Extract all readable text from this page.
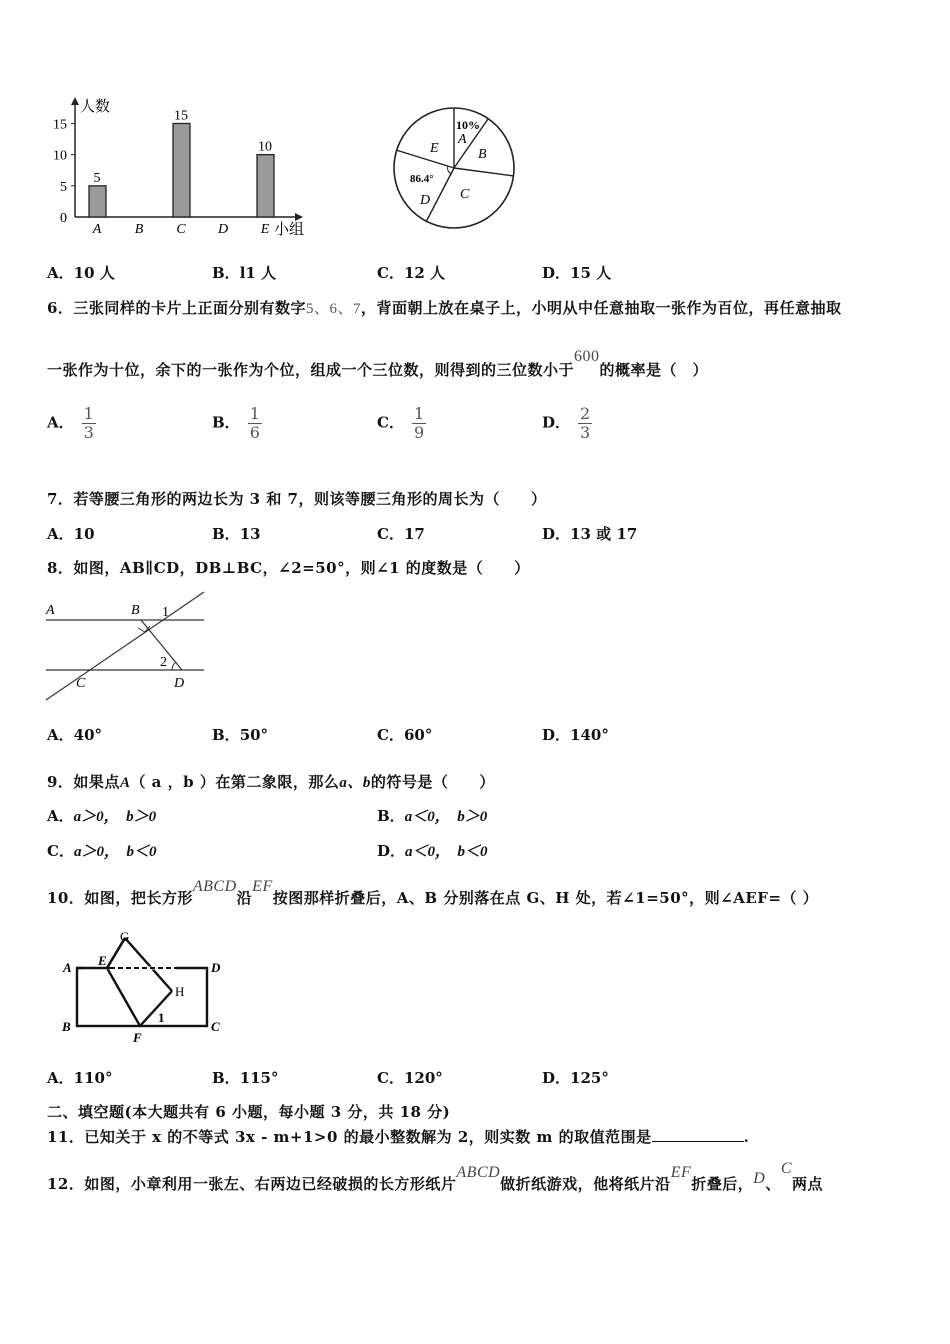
人数
小组
0
5
10
15
A
5
B C
15
D E
10
10%
A
B
C
D
E
86.4°
A．10 人	B．l1 人	C．12 人	D．15 人
6．三张同样的卡片上正面分别有数字5、6、7，背面朝上放在桌子上，小明从中任意抽取一张作为百位，再任意抽取
一张作为十位，余下的一张作为个位，组成一个三位数，则得到的三位数小于600的概率是（　）
A． $\frac{1}{3}$	B． $\frac{1}{6}$	C． $\frac{1}{9}$	D． $\frac{2}{3}$
7．若等腰三角形的两边长为 3 和 7，则该等腰三角形的周长为（　　）
A．10	B．13	C．17	D．13 或 17
8．如图，AB∥CD，DB⊥BC，∠2=50°，则∠1 的度数是（　　）
A	B 1
2
C	D
A．40°	B．50°	C．60°	D．140°
9．如果点A（ a ，b ）在第二象限，那么a、b的符号是（　　）
A．a＞0，　b＞0	B．a＜0，　b＞0
C．a＞0，　b＜0	D．a＜0，　b＜0
10．如图，把长方形ABCD沿EF按图那样折叠后，A、B 分别落在点 G、H 处，若∠1=50°，则∠AEF=（ ）
G
A E	D
H
B
F
1
C
A．110°	B．115°	C．120°	D．125°
二、填空题(本大题共有 6 小题，每小题 3 分，共 18 分)
11．已知关于 x 的不等式 3x - m+1>0 的最小整数解为 2，则实数 m 的取值范围是	.
12．如图，小章利用一张左、右两边已经破损的长方形纸片ABCD做折纸游戏，他将纸片沿EF折叠后，D、C两点
